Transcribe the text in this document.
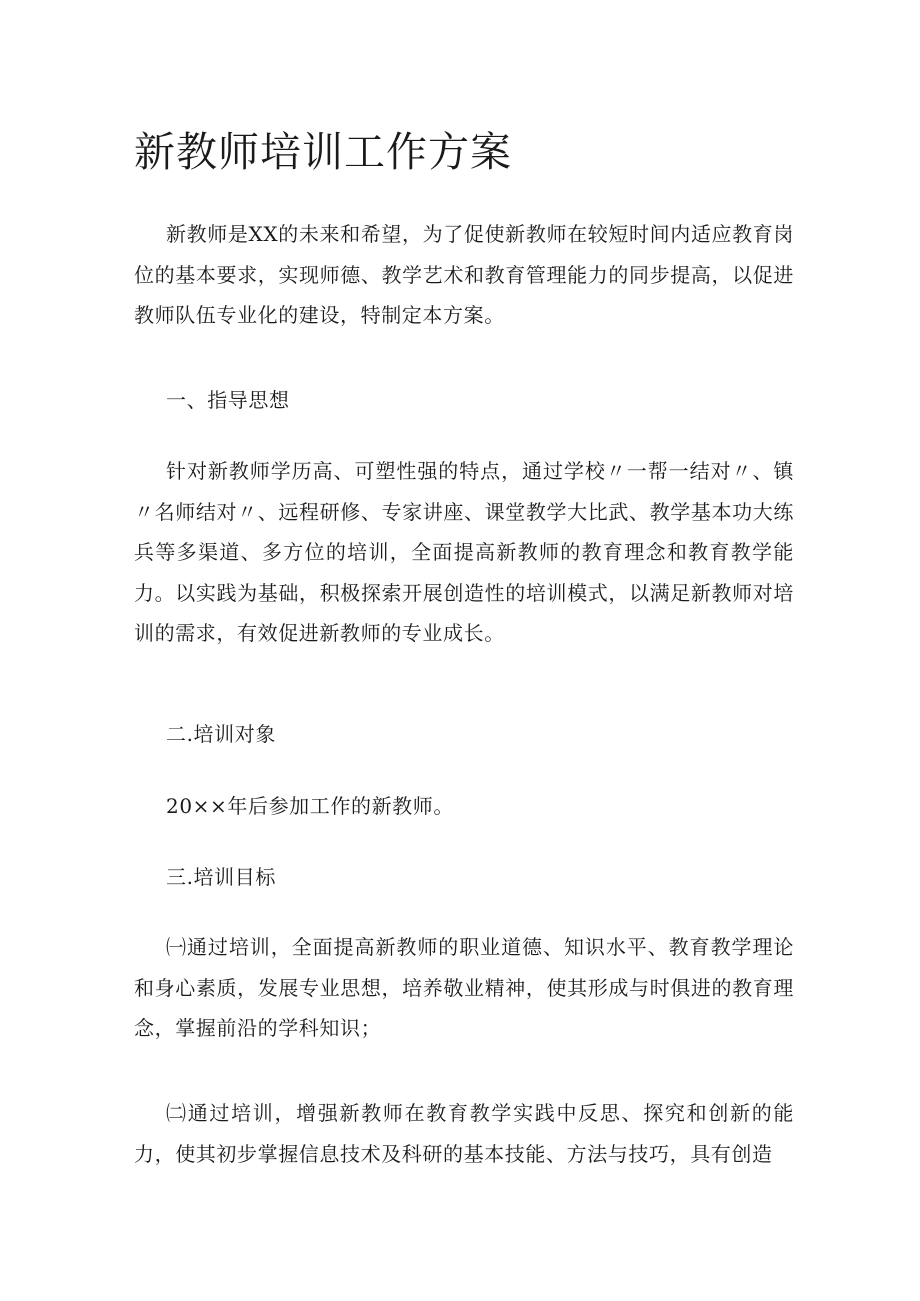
新教师培训工作方案

新教师是XX的未来和希望，为了促使新教师在较短时间内适应教育岗位的基本要求，实现师德、教学艺术和教育管理能力的同步提高，以促进教师队伍专业化的建设，特制定本方案。

一、指导思想

针对新教师学历高、可塑性强的特点，通过学校〃一帮一结对〃、镇〃名师结对〃、远程研修、专家讲座、课堂教学大比武、教学基本功大练兵等多渠道、多方位的培训，全面提高新教师的教育理念和教育教学能力。以实践为基础，积极探索开展创造性的培训模式，以满足新教师对培训的需求，有效促进新教师的专业成长。

二.培训对象

20××年后参加工作的新教师。

三.培训目标

㈠通过培训，全面提高新教师的职业道德、知识水平、教育教学理论和身心素质，发展专业思想，培养敬业精神，使其形成与时俱进的教育理念，掌握前沿的学科知识；

㈡通过培训，增强新教师在教育教学实践中反思、探究和创新的能力，使其初步掌握信息技术及科研的基本技能、方法与技巧，具有创造
